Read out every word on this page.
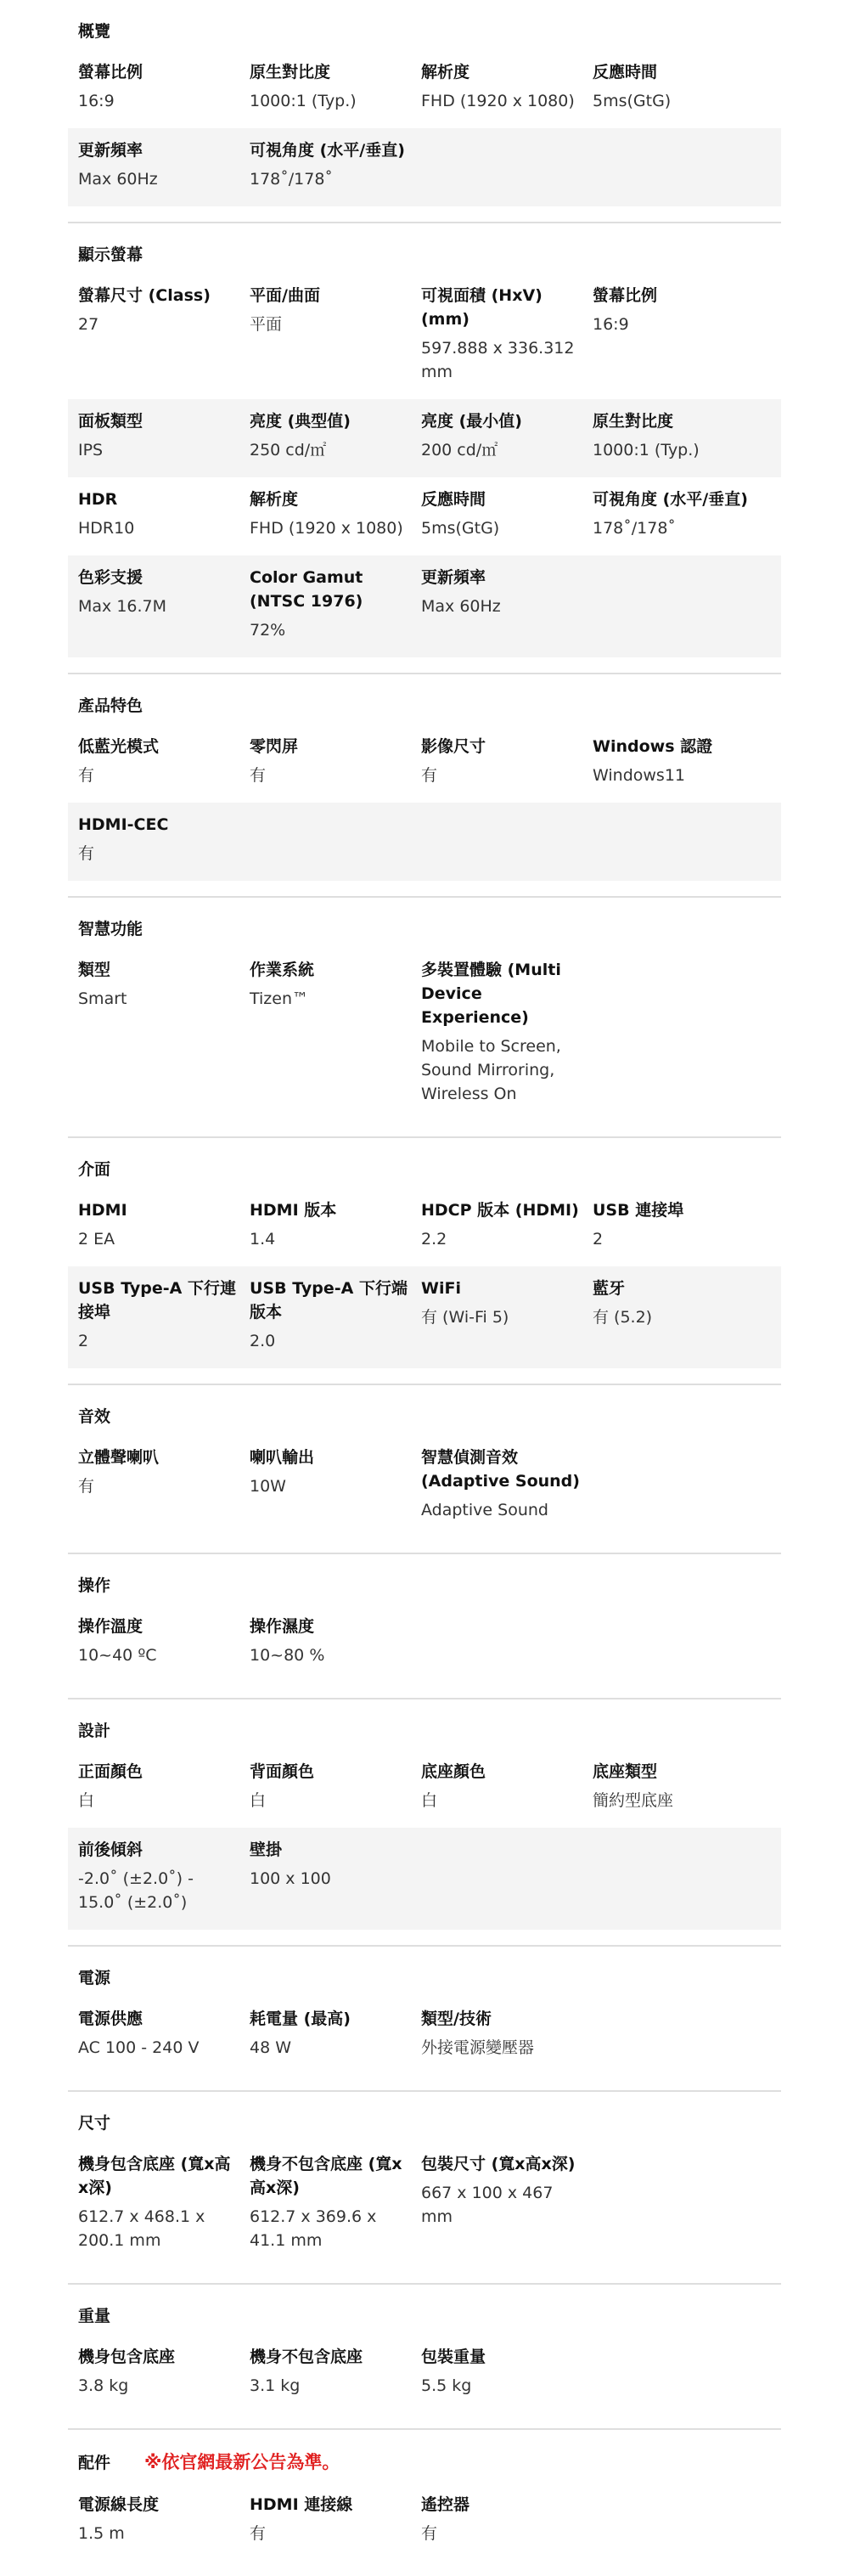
概覽
螢幕比例
16:9
原生對比度
1000:1 (Typ.)
解析度
FHD (1920 x 1080)
反應時間
5ms(GtG)
更新頻率
Max 60Hz
可視角度 (水平/垂直)
178˚/178˚
顯示螢幕
螢幕尺寸 (Class)
27
平面/曲面
平面
可視面積 (HxV) (mm)
597.888 x 336.312 mm
螢幕比例
16:9
面板類型
IPS
亮度 (典型值)
250 cd/㎡
亮度 (最小值)
200 cd/㎡
原生對比度
1000:1 (Typ.)
HDR
HDR10
解析度
FHD (1920 x 1080)
反應時間
5ms(GtG)
可視角度 (水平/垂直)
178˚/178˚
色彩支援
Max 16.7M
Color Gamut (NTSC 1976)
72%
更新頻率
Max 60Hz
產品特色
低藍光模式
有
零閃屏
有
影像尺寸
有
Windows 認證
Windows11
HDMI-CEC
有
智慧功能
類型
Smart
作業系統
Tizen™
多裝置體驗 (Multi Device Experience)
Mobile to Screen, Sound Mirroring, Wireless On
介面
HDMI
2 EA
HDMI 版本
1.4
HDCP 版本 (HDMI)
2.2
USB 連接埠
2
USB Type-A 下行連接埠
2
USB Type-A 下行端版本
2.0
WiFi
有 (Wi-Fi 5)
藍牙
有 (5.2)
音效
立體聲喇叭
有
喇叭輸出
10W
智慧偵測音效 (Adaptive Sound)
Adaptive Sound
操作
操作溫度
10~40 ºC
操作濕度
10~80 %
設計
正面顏色
白
背面顏色
白
底座顏色
白
底座類型
簡約型底座
前後傾斜
-2.0˚ (±2.0˚) - 15.0˚ (±2.0˚)
壁掛
100 x 100
電源
電源供應
AC 100 - 240 V
耗電量 (最高)
48 W
類型/技術
外接電源變壓器
尺寸
機身包含底座 (寬x高x深)
612.7 x 468.1 x 200.1 mm
機身不包含底座 (寬x高x深)
612.7 x 369.6 x 41.1 mm
包裝尺寸 (寬x高x深)
667 x 100 x 467 mm
重量
機身包含底座
3.8 kg
機身不包含底座
3.1 kg
包裝重量
5.5 kg
配件 ※依官網最新公告為準。
電源線長度
1.5 m
HDMI 連接線
有
遙控器
有
